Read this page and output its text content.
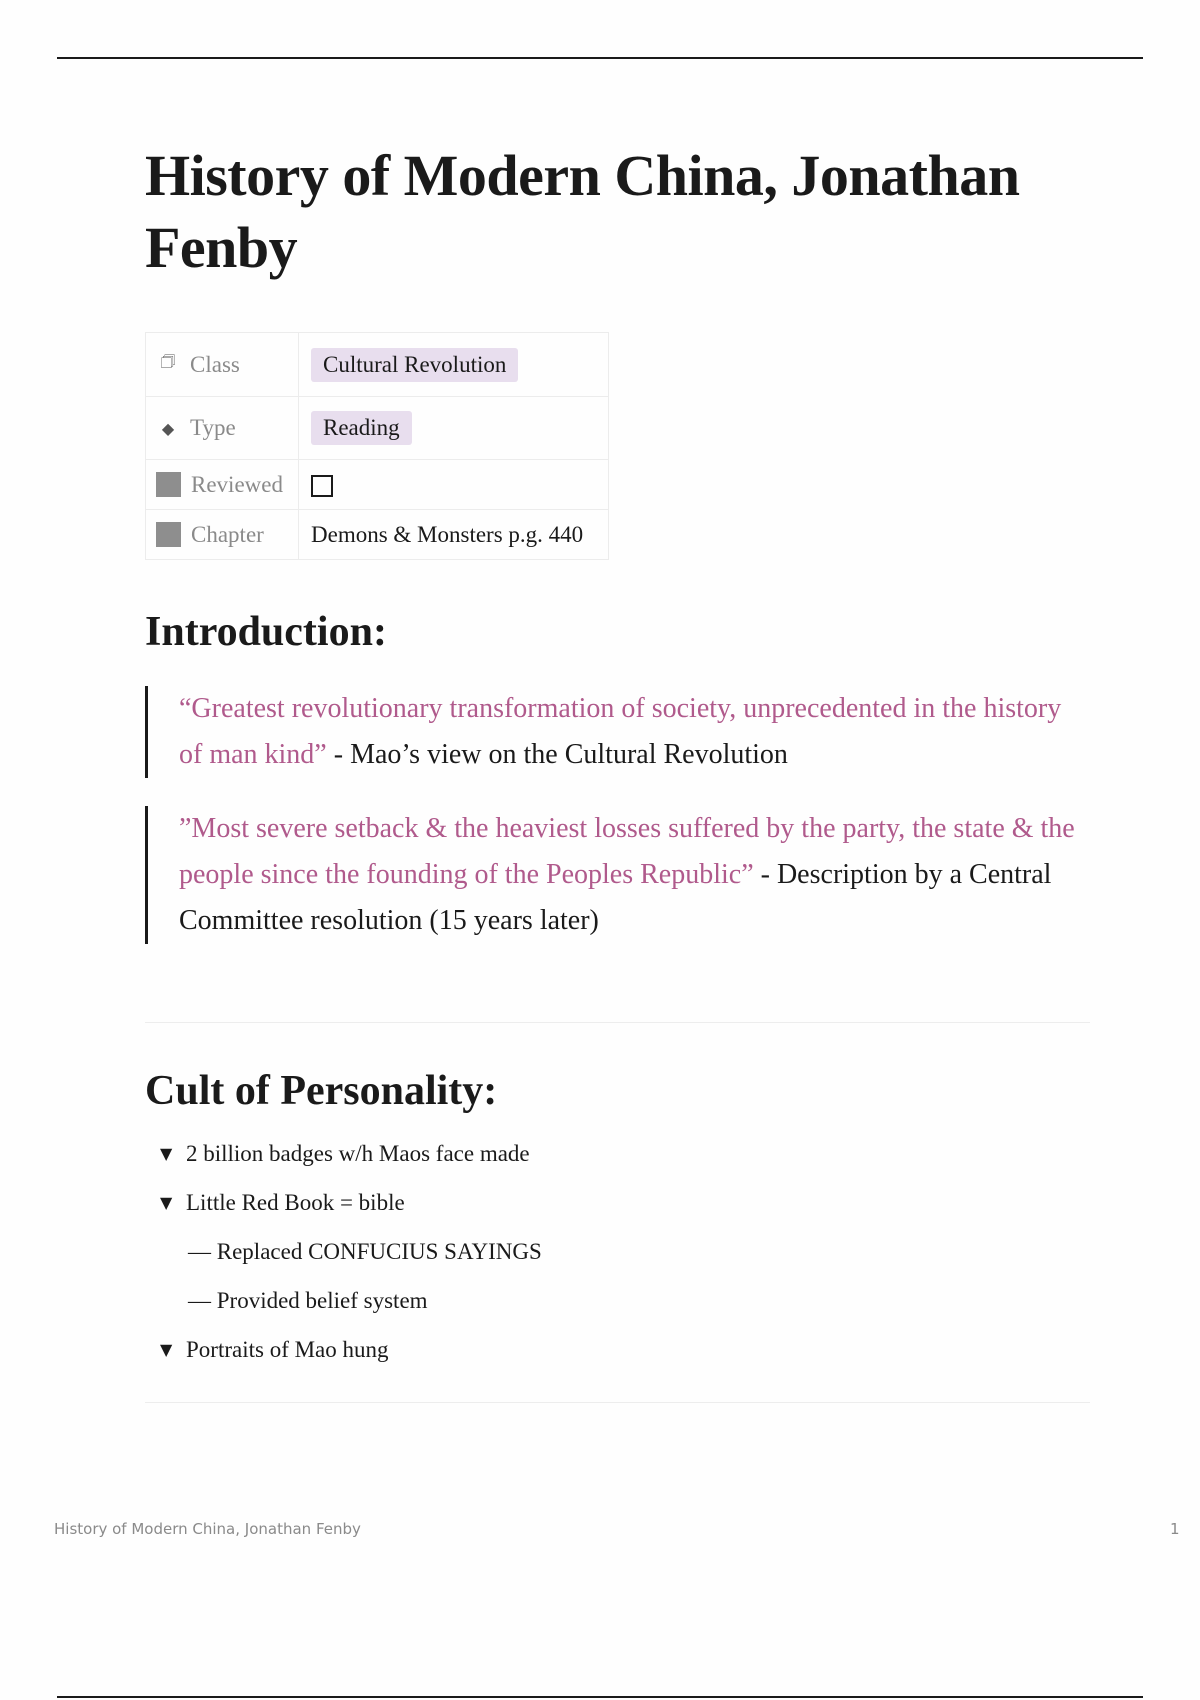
History of Modern China, Jonathan Fenby
🗇 Class	Cultural Revolution

◆ Type	Reading

Reviewed	

Chapter	Demons & Monsters p.g. 440
Introduction:
“Greatest revolutionary transformation of society, unprecedented in the history of man kind” - Mao’s view on the Cultural Revolution
”Most severe setback & the heaviest losses suffered by the party, the state & the people since the founding of the Peoples Republic” - Description by a Central Committee resolution (15 years later)
Cult of Personality:
▼ 2 billion badges w/h Maos face made
▼ Little Red Book = bible
— Replaced CONFUCIUS SAYINGS
— Provided belief system
▼ Portraits of Mao hung
History of Modern China, Jonathan Fenby	1
